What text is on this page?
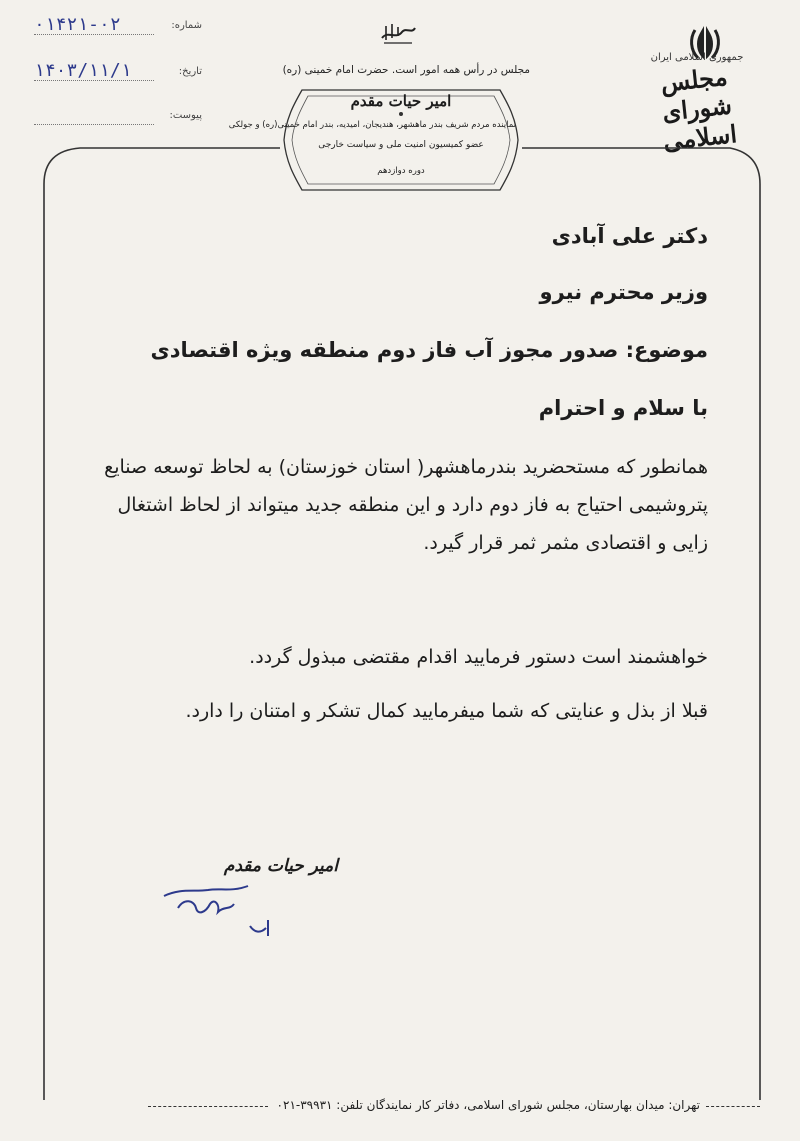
جمهوری اسلامی ایران
مجلس شورای اسلامی
مجلس در رأس همه امور است. حضرت امام خمینی (ره)
امیر حیات مقدم
نماینده مردم شریف بندر ماهشهر، هندیجان، امیدیه، بندر امام خمینی(ره) و جولکی
عضو کمیسیون امنیت ملی و سیاست خارجی
دوره دوازدهم
شماره:
۰۱۴۲۱-۰۲
تاریخ:
۱۴۰۳/۱۱/۱
پیوست:
دکتر علی آبادی
وزیر محترم نیرو
موضوع: صدور مجوز آب فاز دوم منطقه ویژه اقتصادی
با سلام و احترام
همانطور که مستحضرید بندرماهشهر( استان خوزستان) به لحاظ توسعه صنایع پتروشیمی احتیاج به فاز دوم دارد و این منطقه جدید میتواند از لحاظ اشتغال زایی و اقتصادی مثمر ثمر قرار گیرد.
خواهشمند است دستور فرمایید اقدام مقتضی مبذول گردد.
قبلا از بذل و عنایتی که شما میفرمایید کمال تشکر و امتنان را دارد.
امیر حیات مقدم
تهران: میدان بهارستان، مجلس شورای اسلامی، دفاتر کار نمایندگان تلفن: ۳۹۹۳۱-۰۲۱
